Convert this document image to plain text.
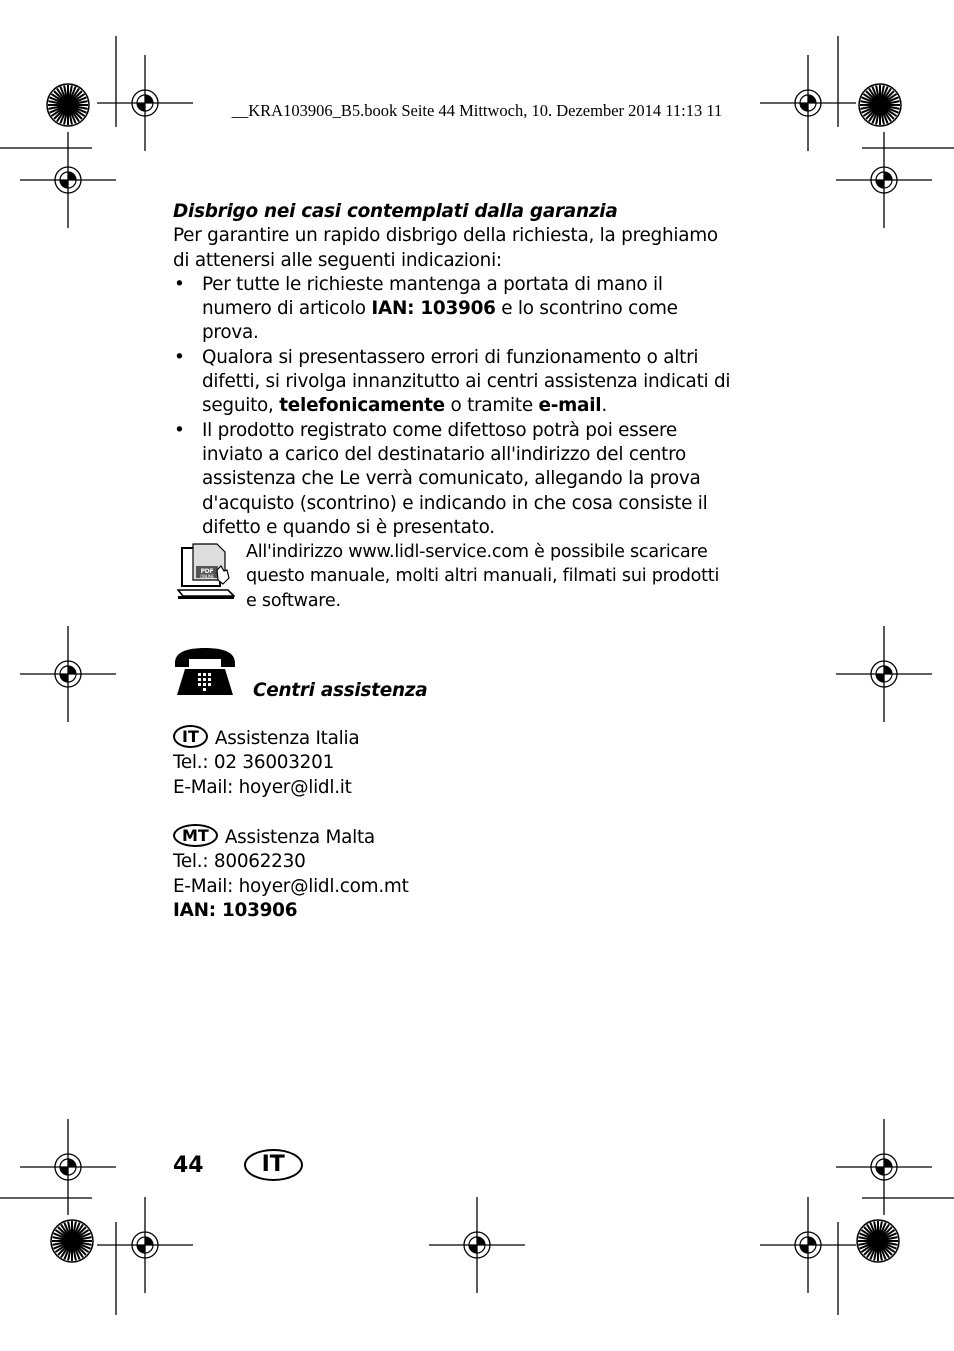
__KRA103906_B5.book Seite 44 Mittwoch, 10. Dezember 2014 11:13 11

Disbrigo nei casi contemplati dalla garanzia

Per garantire un rapido disbrigo della richiesta, la preghiamo di attenersi alle seguenti indicazioni:

• Per tutte le richieste mantenga a portata di mano il numero di articolo IAN: 103906 e lo scontrino come prova.
• Qualora si presentassero errori di funzionamento o altri difetti, si rivolga innanzitutto ai centri assistenza indicati di seguito, telefonicamente o tramite e-mail.
• Il prodotto registrato come difettoso potrà poi essere inviato a carico del destinatario all'indirizzo del centro assistenza che Le verrà comunicato, allegando la prova d'acquisto (scontrino) e indicando in che cosa consiste il difetto e quando si è presentato.
PDF
ONLINE

All'indirizzo www.lidl-service.com è possibile scaricare questo manuale, molti altri manuali, filmati sui prodotti e software.

Centri assistenza

IT Assistenza Italia

Tel.: 02 36003201

E-Mail: hoyer@lidl.it

MT Assistenza Malta

Tel.: 80062230

E-Mail: hoyer@lidl.com.mt

IAN: 103906

44	IT
